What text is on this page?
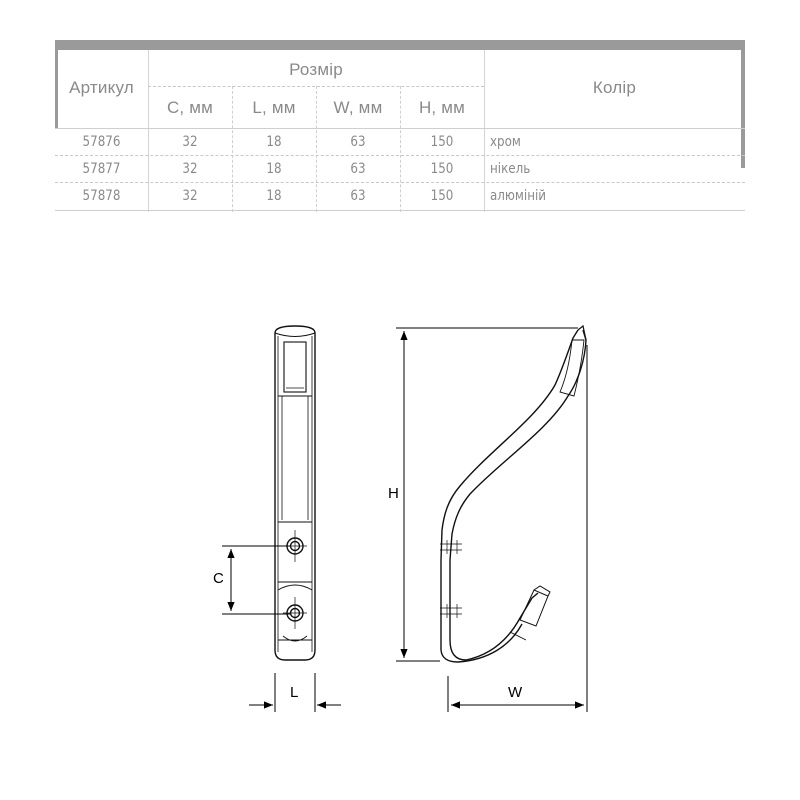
Артикул
Розмір
Колір
C, мм	L, мм	W, мм	H, мм
57876	32	18	63	150	хром
57877	32	18	63	150	нікель
57878	32	18	63	150	алюміній
C
L
H
W
